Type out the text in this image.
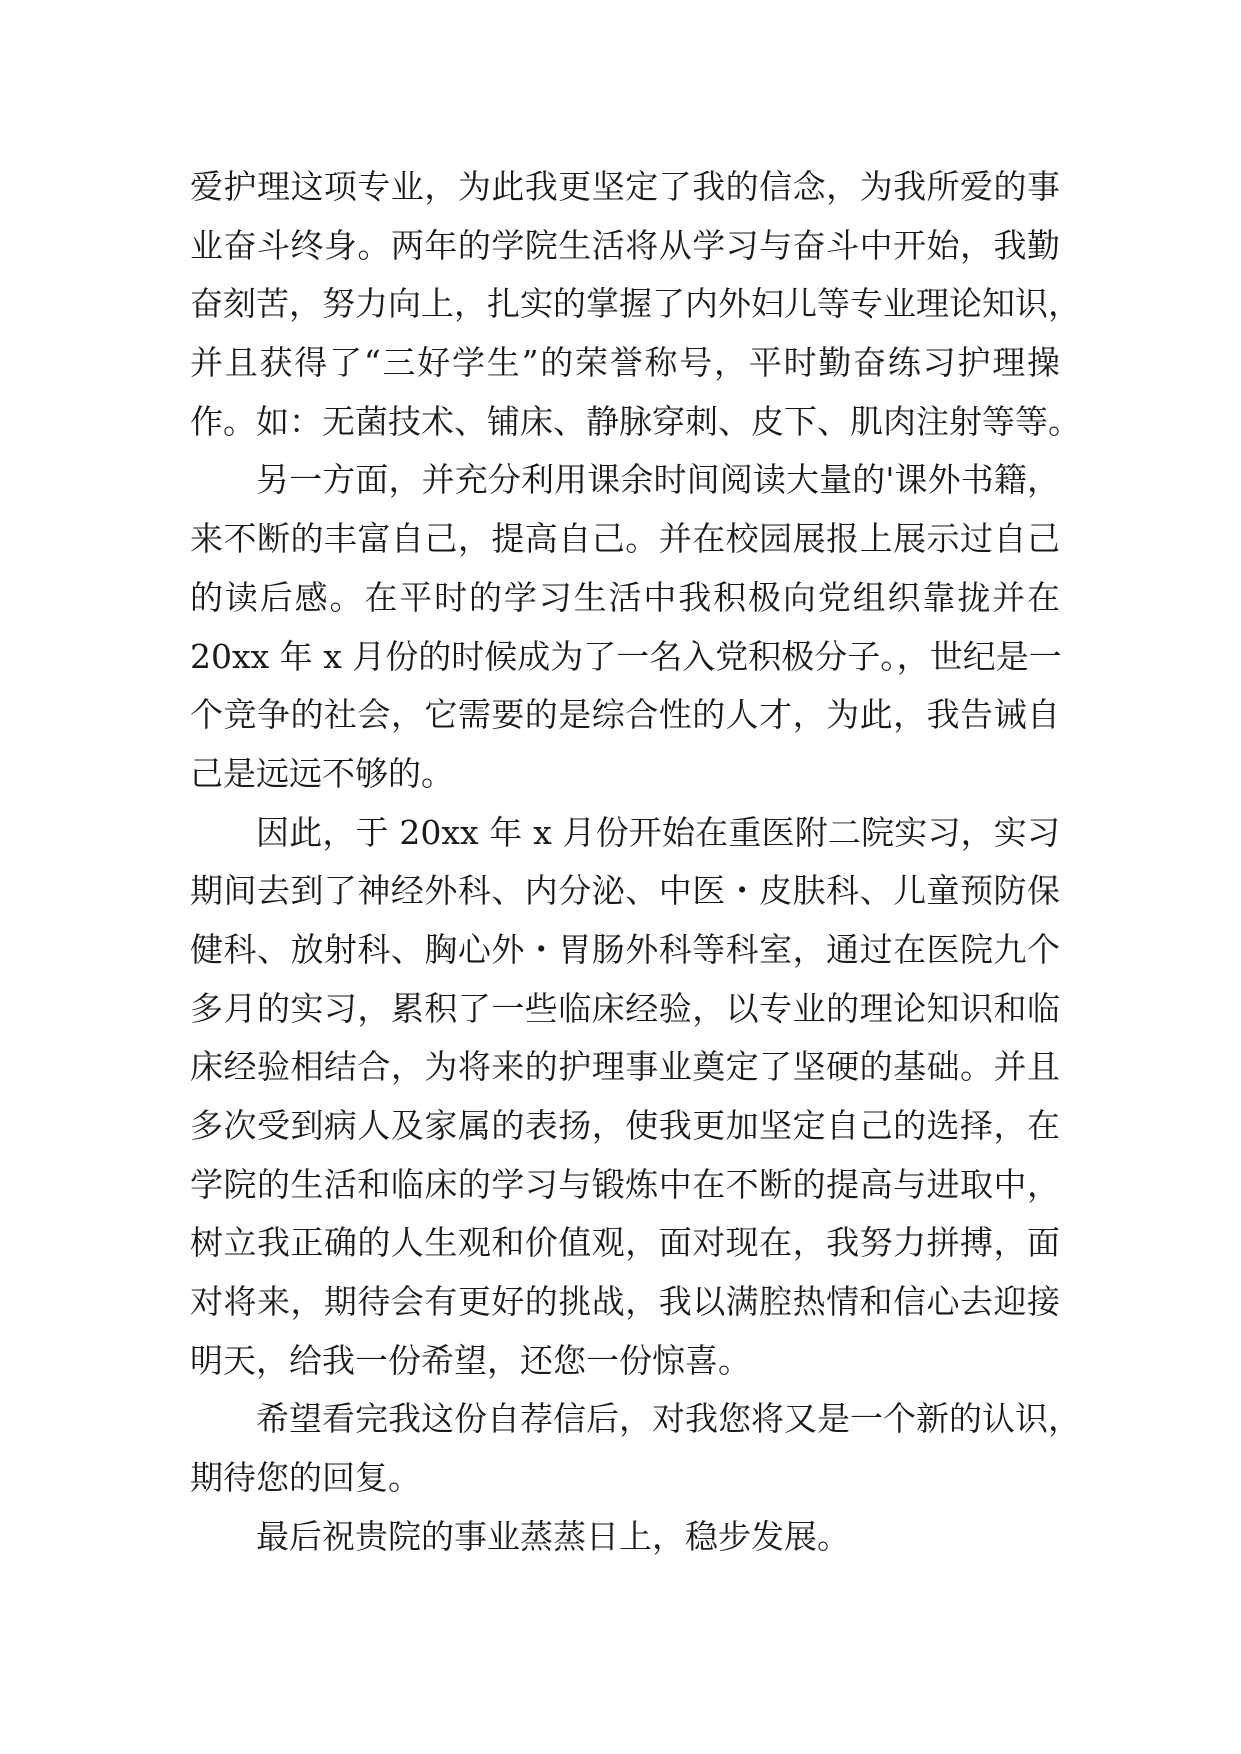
爱护理这项专业，为此我更坚定了我的信念，为我所爱的事
业奋斗终身。两年的学院生活将从学习与奋斗中开始，我勤
奋刻苦，努力向上，扎实的掌握了内外妇儿等专业理论知识，
并且获得了“三好学生”的荣誉称号，平时勤奋练习护理操
作。如：无菌技术、铺床、静脉穿刺、皮下、肌肉注射等等。
另一方面，并充分利用课余时间阅读大量的'课外书籍，
来不断的丰富自己，提高自己。并在校园展报上展示过自己
的读后感。在平时的学习生活中我积极向党组织靠拢并在
20xx 年 x 月份的时候成为了一名入党积极分子。，世纪是一
个竞争的社会，它需要的是综合性的人才，为此，我告诫自
己是远远不够的。
因此，于 20xx 年 x 月份开始在重医附二院实习，实习
期间去到了神经外科、内分泌、中医・皮肤科、儿童预防保
健科、放射科、胸心外・胃肠外科等科室，通过在医院九个
多月的实习，累积了一些临床经验，以专业的理论知识和临
床经验相结合，为将来的护理事业奠定了坚硬的基础。并且
多次受到病人及家属的表扬，使我更加坚定自己的选择，在
学院的生活和临床的学习与锻炼中在不断的提高与进取中，
树立我正确的人生观和价值观，面对现在，我努力拼搏，面
对将来，期待会有更好的挑战，我以满腔热情和信心去迎接
明天，给我一份希望，还您一份惊喜。
希望看完我这份自荐信后，对我您将又是一个新的认识，
期待您的回复。
最后祝贵院的事业蒸蒸日上，稳步发展。
